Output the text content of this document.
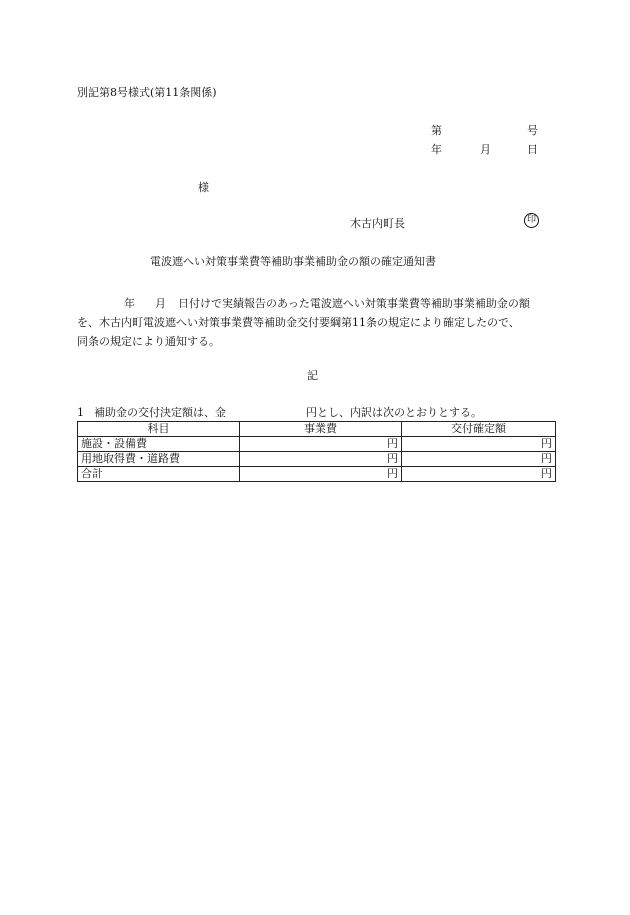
別記第8号様式(第11条関係)
第	号
年	月	日
様
木古内町長	印
電波遮へい対策事業費等補助事業補助金の額の確定通知書

年 月 日付けで実績報告のあった電波遮へい対策事業費等補助事業補助金の額

を、木古内町電波遮へい対策事業費等補助金交付要綱第11条の規定により確定したので、

同条の規定により通知する。

記
1 補助金の交付決定額は、金	円とし、内訳は次のとおりとする。
科目	事業費	交付確定額
施設・設備費	円	円
用地取得費・道路費	円	円
合計	円	円
